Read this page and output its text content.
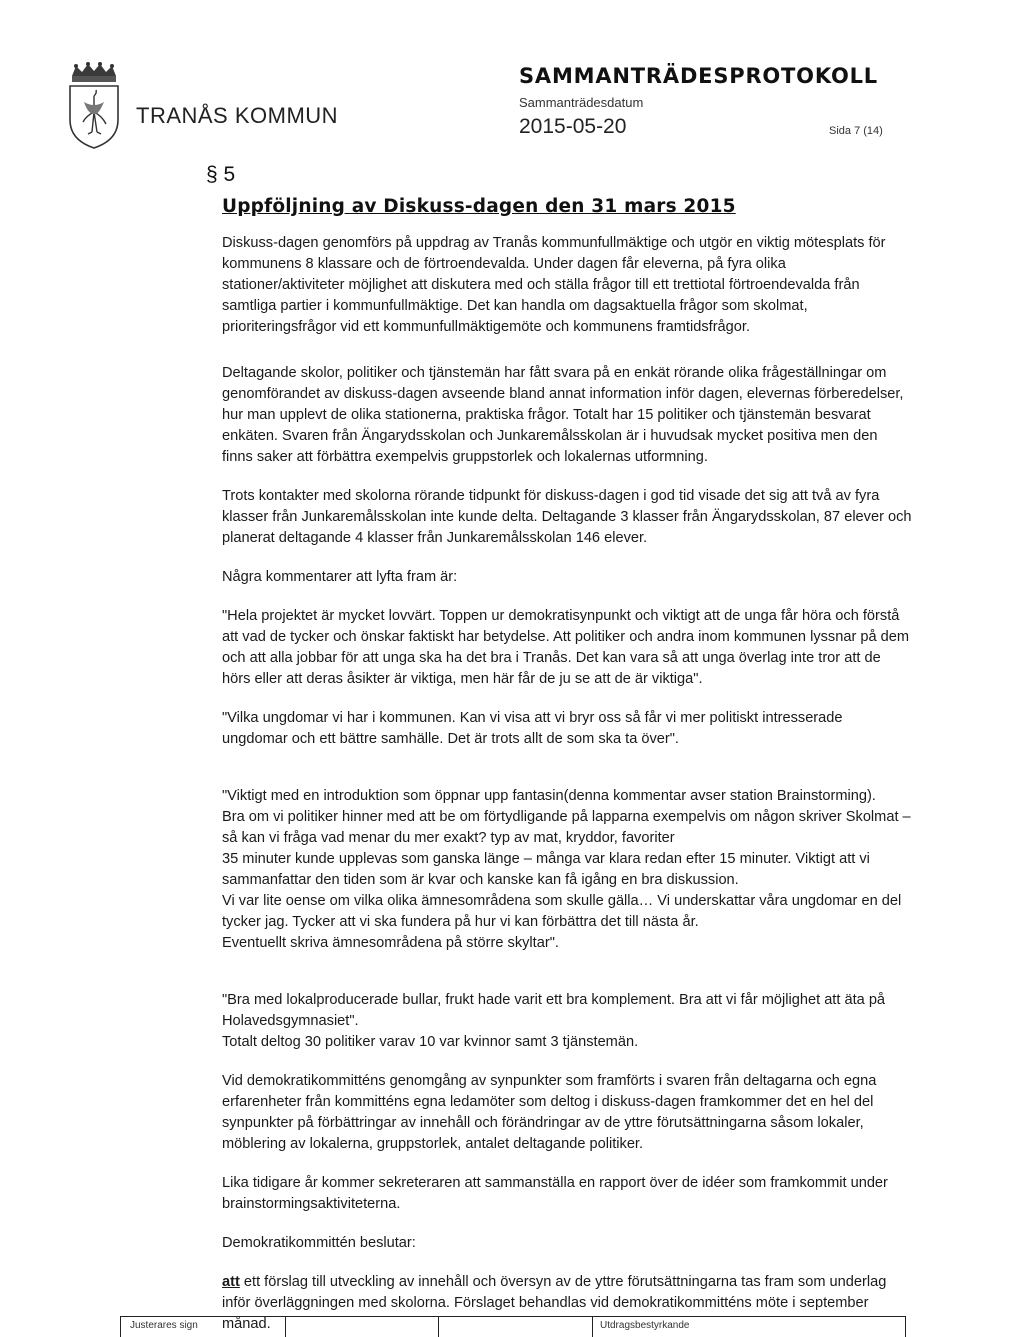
TRANÅS KOMMUN
SAMMANTRÄDESPROTOKOLL
Sammanträdesdatum
2015-05-20	Sida 7 (14)
§ 5
Uppföljning av Diskuss-dagen den 31 mars 2015

Diskuss-dagen genomförs på uppdrag av Tranås kommunfullmäktige och utgör en viktig mötesplats för kommunens 8 klassare och de förtroendevalda. Under dagen får eleverna, på fyra olika stationer/aktiviteter möjlighet att diskutera med och ställa frågor till ett trettiotal förtroendevalda från samtliga partier i kommunfullmäktige. Det kan handla om dagsaktuella frågor som skolmat, prioriteringsfrågor vid ett kommunfullmäktigemöte och kommunens framtidsfrågor.

Deltagande skolor, politiker och tjänstemän har fått svara på en enkät rörande olika frågeställningar om genomförandet av diskuss-dagen avseende bland annat information inför dagen, elevernas förberedelser, hur man upplevt de olika stationerna, praktiska frågor. Totalt har 15 politiker och tjänstemän besvarat enkäten. Svaren från Ängarydsskolan och Junkaremålsskolan är i huvudsak mycket positiva men den finns saker att förbättra exempelvis gruppstorlek och lokalernas utformning.

Trots kontakter med skolorna rörande tidpunkt för diskuss-dagen i god tid visade det sig att två av fyra klasser från Junkaremålsskolan inte kunde delta. Deltagande 3 klasser från Ängarydsskolan, 87 elever och planerat deltagande 4 klasser från Junkaremålsskolan 146 elever.

Några kommentarer att lyfta fram är:

"Hela projektet är mycket lovvärt. Toppen ur demokratisynpunkt och viktigt att de unga får höra och förstå att vad de tycker och önskar faktiskt har betydelse. Att politiker och andra inom kommunen lyssnar på dem och att alla jobbar för att unga ska ha det bra i Tranås. Det kan vara så att unga överlag inte tror att de hörs eller att deras åsikter är viktiga, men här får de ju se att de är viktiga".

"Vilka ungdomar vi har i kommunen. Kan vi visa att vi bryr oss så får vi mer politiskt intresserade ungdomar och ett bättre samhälle. Det är trots allt de som ska ta över".

"Viktigt med en introduktion som öppnar upp fantasin(denna kommentar avser station Brainstorming).

Bra om vi politiker hinner med att be om förtydligande på lapparna exempelvis om någon skriver Skolmat – så kan vi fråga vad menar du mer exakt? typ av mat, kryddor, favoriter

35 minuter kunde upplevas som ganska länge – många var klara redan efter 15 minuter. Viktigt att vi sammanfattar den tiden som är kvar och kanske kan få igång en bra diskussion.

Vi var lite oense om vilka olika ämnesområdena som skulle gälla… Vi underskattar våra ungdomar en del tycker jag. Tycker att vi ska fundera på hur vi kan förbättra det till nästa år.

Eventuellt skriva ämnesområdena på större skyltar".

"Bra med lokalproducerade bullar, frukt hade varit ett bra komplement. Bra att vi får möjlighet att äta på Holavedsgymnasiet".

Totalt deltog 30 politiker varav 10 var kvinnor samt 3 tjänstemän.

Vid demokratikommitténs genomgång av synpunkter som framförts i svaren från deltagarna och egna erfarenheter från kommitténs egna ledamöter som deltog i diskuss-dagen framkommer det en hel del synpunkter på förbättringar av innehåll och förändringar av de yttre förutsättningarna såsom lokaler, möblering av lokalerna, gruppstorlek, antalet deltagande politiker.

Lika tidigare år kommer sekreteraren att sammanställa en rapport över de idéer som framkommit under brainstormingsaktiviteterna.

Demokratikommittén beslutar:

att ett förslag till utveckling av innehåll och översyn av de yttre förutsättningarna tas fram som underlag inför överläggningen med skolorna. Förslaget behandlas vid demokratikommitténs möte i september månad.

Justerares sign	Utdragsbestyrkande
